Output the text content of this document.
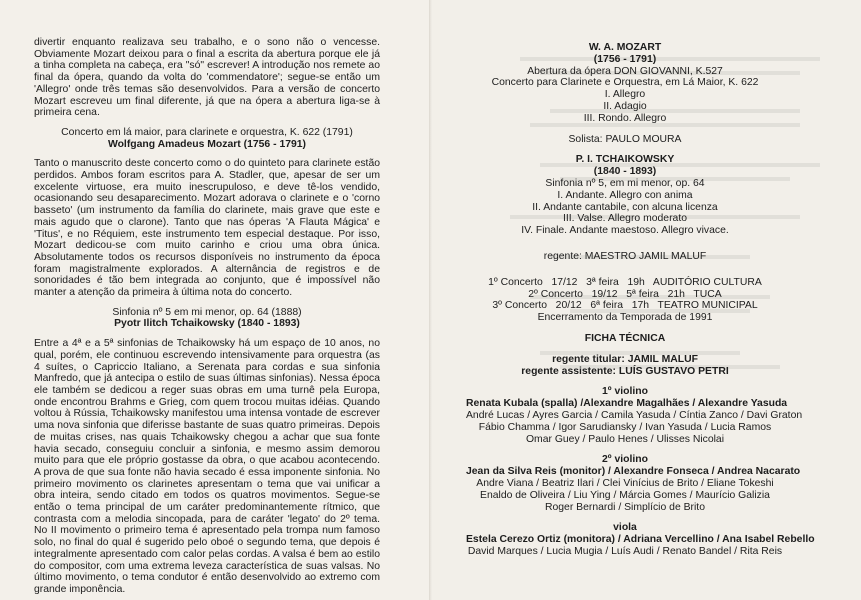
divertir enquanto realizava seu trabalho, e o sono não o vencesse. Obviamente Mozart deixou para o final a escrita da abertura porque ele já a tinha completa na cabeça, era "só" escrever! A introdução nos remete ao final da ópera, quando da volta do 'commendatore'; segue-se então um 'Allegro' onde três temas são desenvolvidos. Para a versão de concerto Mozart escreveu um final diferente, já que na ópera a abertura liga-se à primeira cena.

Concerto em lá maior, para clarinete e orquestra, K. 622 (1791)

Wolfgang Amadeus Mozart (1756 - 1791)

Tanto o manuscrito deste concerto como o do quinteto para clarinete estão perdidos. Ambos foram escritos para A. Stadler, que, apesar de ser um excelente virtuose, era muito inescrupuloso, e deve tê-los vendido, ocasionando seu desaparecimento. Mozart adorava o clarinete e o 'corno basseto' (um instrumento da família do clarinete, mais grave que este e mais agudo que o clarone). Tanto que nas óperas 'A Flauta Mágica' e 'Titus', e no Réquiem, este instrumento tem especial destaque. Por isso, Mozart dedicou-se com muito carinho e criou uma obra única. Absolutamente todos os recursos disponíveis no instrumento da época foram magistralmente explorados. A alternância de registros e de sonoridades é tão bem integrada ao conjunto, que é impossível não manter a atenção da primeira à última nota do concerto.

Sinfonia nº 5 em mi menor, op. 64 (1888)

Pyotr Ilitch Tchaikowsky (1840 - 1893)

Entre a 4ª e a 5ª sinfonias de Tchaikowsky há um espaço de 10 anos, no qual, porém, ele continuou escrevendo intensivamente para orquestra (as 4 suítes, o Capriccio Italiano, a Serenata para cordas e sua sinfonia Manfredo, que já antecipa o estilo de suas últimas sinfonias). Nessa época ele também se dedicou a reger suas obras em uma turnê pela Europa, onde encontrou Brahms e Grieg, com quem trocou muitas idéias. Quando voltou à Rússia, Tchaikowsky manifestou uma intensa vontade de escrever uma nova sinfonia que diferisse bastante de suas quatro primeiras. Depois de muitas crises, nas quais Tchaikowsky chegou a achar que sua fonte havia secado, conseguiu concluir a sinfonia, e mesmo assim demorou muito para que ele próprio gostasse da obra, o que acabou acontecendo. A prova de que sua fonte não havia secado é essa imponente sinfonia. No primeiro movimento os clarinetes apresentam o tema que vai unificar a obra inteira, sendo citado em todos os quatros movimentos. Segue-se então o tema principal de um caráter predominantemente rítmico, que contrasta com a melodia sincopada, para de caráter 'legato' do 2º tema. No II movimento o primeiro tema é apresentado pela trompa num famoso solo, no final do qual é sugerido pelo oboé o segundo tema, que depois é integralmente apresentado com calor pelas cordas. A valsa é bem ao estilo do compositor, com uma extrema leveza característica de suas valsas. No último movimento, o tema condutor é então desenvolvido ao extremo com grande imponência.

W. A. MOZART
(1756 - 1791)
Abertura da ópera DON GIOVANNI, K.527
Concerto para Clarinete e Orquestra, em Lá Maior, K. 622
I. Allegro
II. Adagio
III. Rondo. Allegro
Solista: PAULO MOURA
P. I. TCHAIKOWSKY
(1840 - 1893)
Sinfonia nº 5, em mi menor, op. 64
I. Andante. Allegro con anima
II. Andante cantabile, con alcuna licenza
III. Valse. Allegro moderato
IV. Finale. Andante maestoso. Allegro vivace.
regente: MAESTRO JAMIL MALUF
1º Concerto   17/12   3ª feira   19h   AUDITÓRIO CULTURA
2º Concerto   19/12   5ª feira   21h   TUCA
3º Concerto   20/12   6ª feira   17h   TEATRO MUNICIPAL
Encerramento da Temporada de 1991
FICHA TÉCNICA
regente titular: JAMIL MALUF
regente assistente: LUÍS GUSTAVO PETRI
1º violino
Renata Kubala (spalla) /Alexandre Magalhães / Alexandre Yasuda
André Lucas / Ayres Garcia / Camila Yasuda / Cíntia Zanco / Davi Graton
Fábio Chamma / Igor Sarudiansky / Ivan Yasuda / Lucia Ramos
Omar Guey / Paulo Henes / Ulisses Nicolai
2º violino
Jean da Silva Reis (monitor) / Alexandre Fonseca / Andrea Nacarato
Andre Viana / Beatriz Ilari / Clei Vinícius de Brito / Eliane Tokeshi
Enaldo de Oliveira / Liu Ying / Márcia Gomes / Maurício Galizia
Roger Bernardi / Simplício de Brito
viola
Estela Cerezo Ortiz (monitora) / Adriana Vercellino / Ana Isabel Rebello
David Marques / Lucia Mugia / Luís Audi / Renato Bandel / Rita Reis
